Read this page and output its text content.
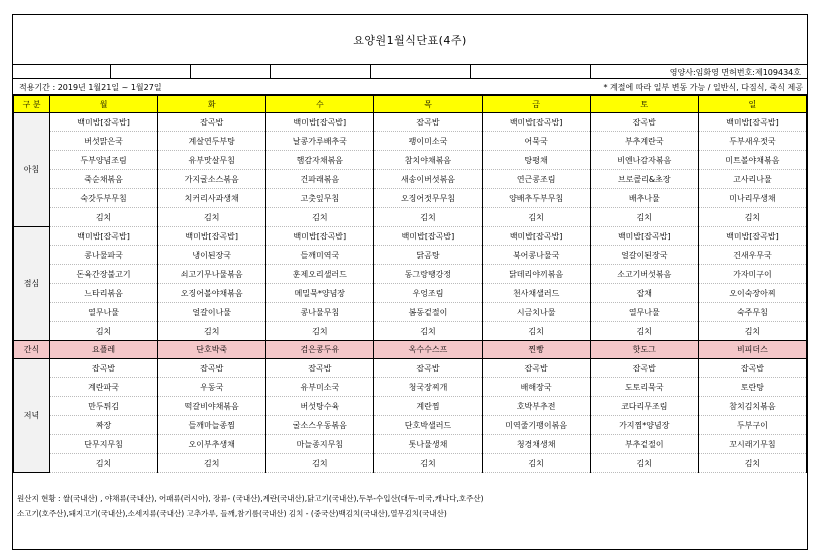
요양원1월식단표(4주)
영양사:임화영 면허번호:제109434호
적용기간 : 2019년 1월21일 ~ 1월27일	* 계절에 따라 일부 변동 가능 / 일반식, 다짐식, 죽식 제공
구 분	월	화	수	목	금	토	일
아침	백미밥[잡곡밥]	잡곡밥	백미밥[잡곡밥]	잡곡밥	백미밥[잡곡밥]	잡곡밥	백미밥[잡곡밥]
	버섯맑은국	계살연두부탕	날콩가루배추국	팽이미소국	어묵국	부추계란국	두부새우젓국
	두부양념조림	유부맛살무침	햄감자채볶음	참치야채볶음	탕평채	비엔나감자볶음	미트볼야채볶음
	죽순채볶음	가지굴소스볶음	건파래볶음	새송이버섯볶음	연근콩조림	브로콜리&초장	고사리나물
	숙갓두부무침	치커리사과생채	고춧잎무침	오징어젓무무침	양배추두부무침	배추나물	미나리무생채
	김치	김치	김치	김치	김치	김치	김치
점심	백미밥[잡곡밥]	백미밥[잡곡밥]	백미밥[잡곡밥]	백미밥[잡곡밥]	백미밥[잡곡밥]	백미밥[잡곡밥]	백미밥[잡곡밥]
	콩나물파국	냉이된장국	들깨미역국	닭곰탕	북어콩나물국	얼갈이된장국	건새우무국
	돈육간장불고기	쇠고기무나물볶음	훈제오리샐러드	동그랑땡강정	닭데리야끼볶음	소고기버섯볶음	가자미구이
	느타리볶음	오징어볼야채볶음	메밀묵*양념장	우엉조림	천사채샐러드	잡채	오이숙장아찌
	열무나물	얼갈이나물	콩나물무침	봄동겉절이	시금치나물	열무나물	숙주무침
	김치	김치	김치	김치	김치	김치	김치
간식	요플레	단호박죽	검은콩두유	옥수수스프	찐빵	핫도그	비피더스
저녁	잡곡밥	잡곡밥	잡곡밥	잡곡밥	잡곡밥	잡곡밥	잡곡밥
	계란파국	우동국	유부미소국	청국장찌개	배해장국	도토리묵국	토란탕
	만두튀김	떡갈비야채볶음	버섯탕수육	계란찜	호박부추전	코다리무조림	참치김치볶음
	짜장	들깨마늘종찜	굴소스우동볶음	단호박샐러드	미역줄기팽이볶음	가지찜*양념장	두부구이
	단무지무침	오이부추생채	마늘종지무침	톳나물생채	청경채생채	부추겉절이	꼬시래기무침
	김치	김치	김치	김치	김치	김치	김치
원산지 현황 : 쌀(국내산) , 야채류(국내산), 어패류(러시아), 장류- (국내산),계란(국내산),닭고기(국내산),두부-수입산(대두-미국,캐나다,호주산)
소고기(호주산),돼지고기(국내산),소세지류(국내산) 고추가루, 들깨,참기름(국내산) 김치 - (중국산)백김치(국내산),열무김치(국내산)
